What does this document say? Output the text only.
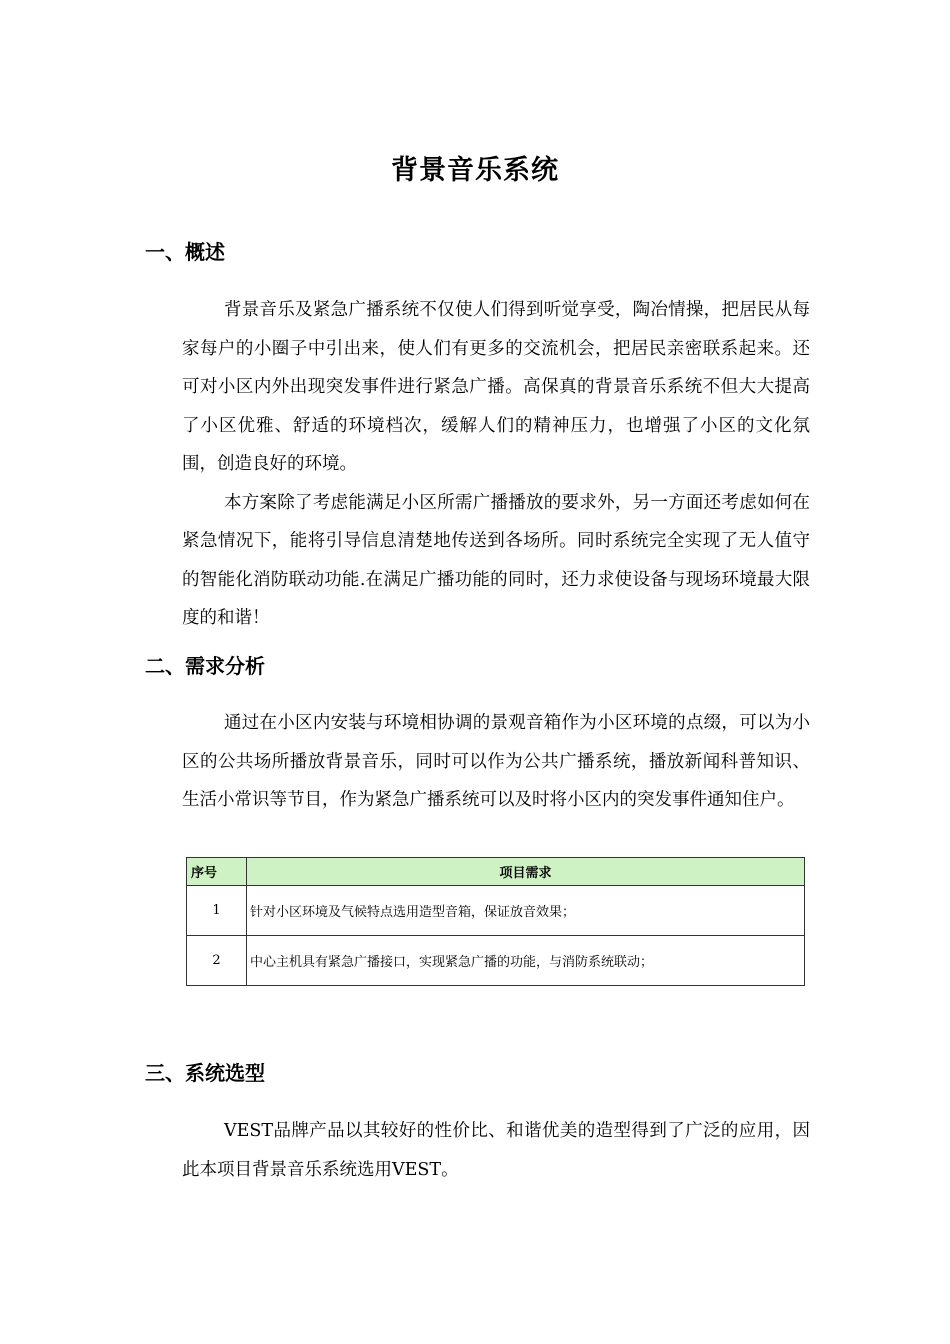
背景音乐系统
一、概述

背景音乐及紧急广播系统不仅使人们得到听觉享受，陶冶情操，把居民从每家每户的小圈子中引出来，使人们有更多的交流机会，把居民亲密联系起来。还可对小区内外出现突发事件进行紧急广播。高保真的背景音乐系统不但大大提高了小区优雅、舒适的环境档次，缓解人们的精神压力，也增强了小区的文化氛围，创造良好的环境。

本方案除了考虑能满足小区所需广播播放的要求外，另一方面还考虑如何在紧急情况下，能将引导信息清楚地传送到各场所。同时系统完全实现了无人值守的智能化消防联动功能.在满足广播功能的同时，还力求使设备与现场环境最大限度的和谐！

二、需求分析

通过在小区内安装与环境相协调的景观音箱作为小区环境的点缀，可以为小区的公共场所播放背景音乐，同时可以作为公共广播系统，播放新闻科普知识、生活小常识等节目，作为紧急广播系统可以及时将小区内的突发事件通知住户。

序号	项目需求
1	针对小区环境及气候特点选用造型音箱，保证放音效果；
2	中心主机具有紧急广播接口，实现紧急广播的功能，与消防系统联动；
三、系统选型

VEST品牌产品以其较好的性价比、和谐优美的造型得到了广泛的应用，因此本项目背景音乐系统选用VEST。
